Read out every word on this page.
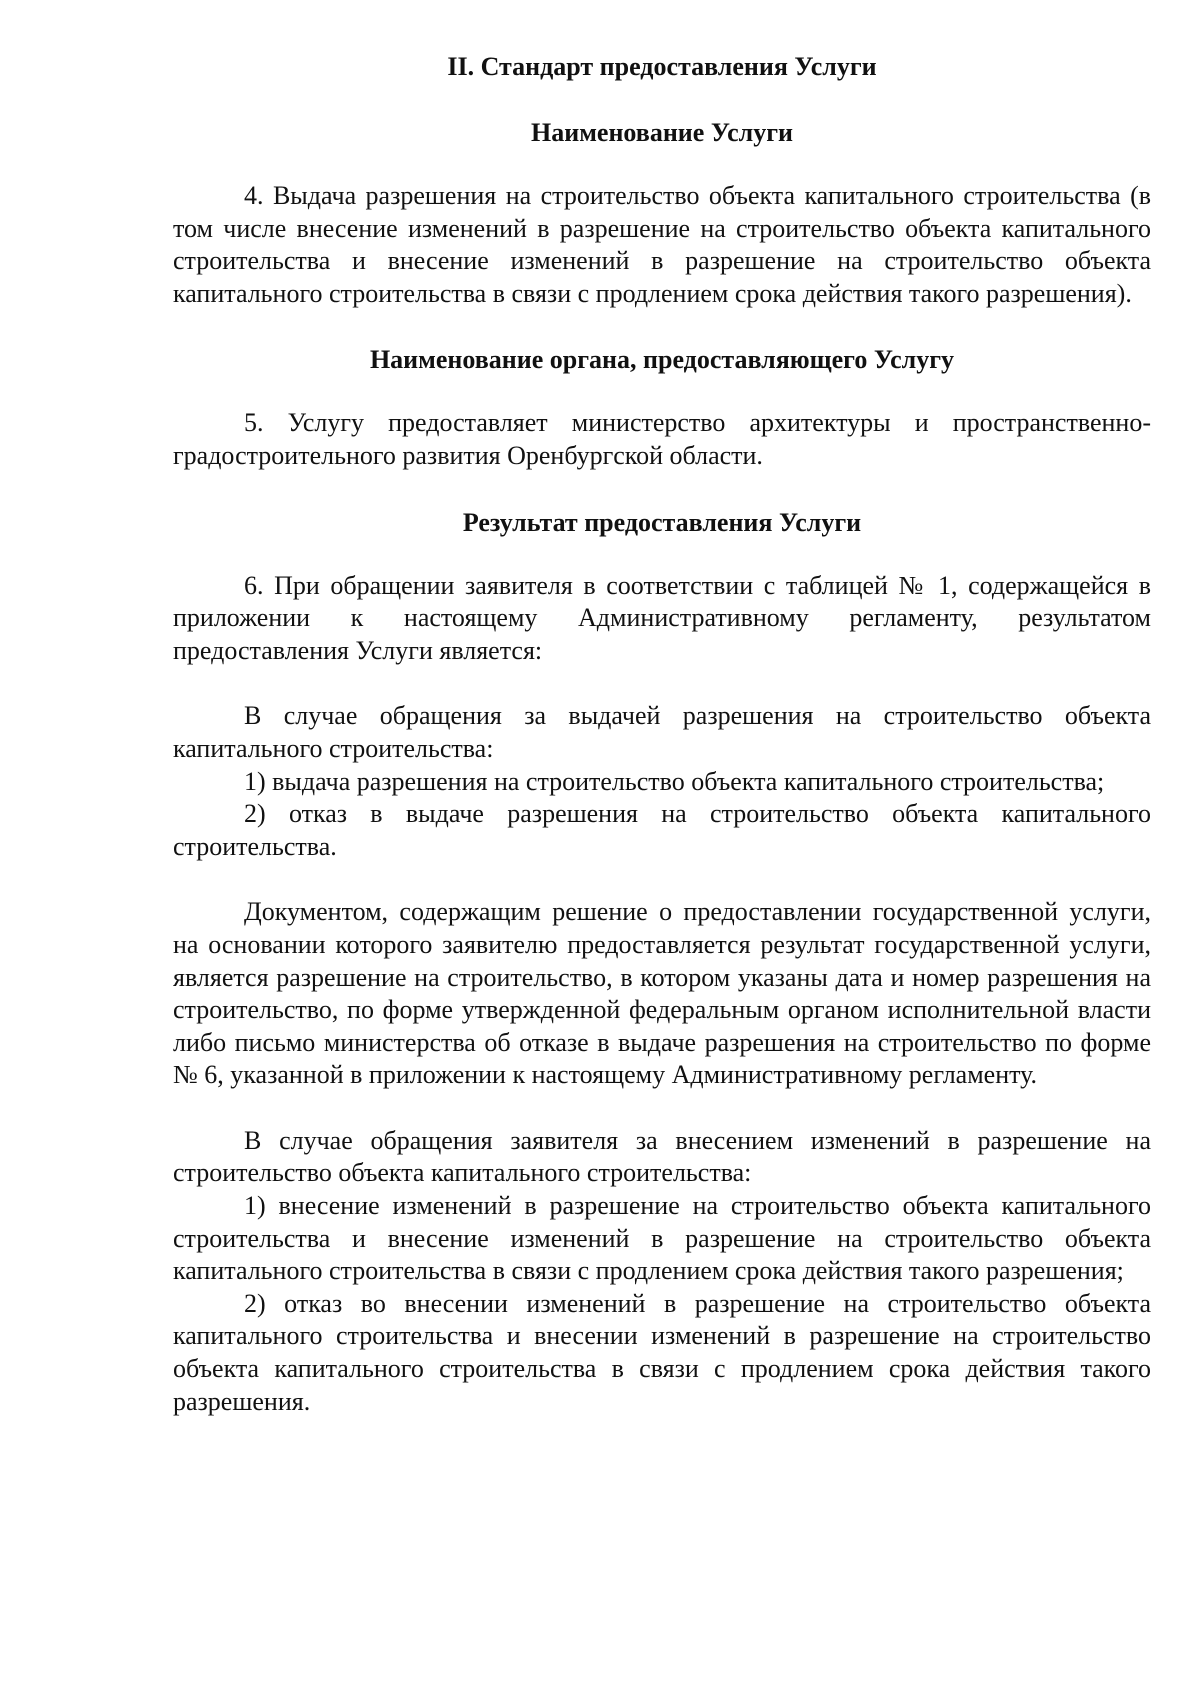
II. Стандарт предоставления Услуги
Наименование Услуги

4. Выдача разрешения на строительство объекта капитального строительства (в том числе внесение изменений в разрешение на строительство объекта капитального строительства и внесение изменений в разрешение на строительство объекта капитального строительства в связи с продлением срока действия такого разрешения).

Наименование органа, предоставляющего Услугу

5. Услугу предоставляет министерство архитектуры и пространственно-градостроительного развития Оренбургской области.

Результат предоставления Услуги

6. При обращении заявителя в соответствии с таблицей № 1, содержащейся в приложении к настоящему Административному регламенту, результатом предоставления Услуги является:

В случае обращения за выдачей разрешения на строительство объекта капитального строительства:

1) выдача разрешения на строительство объекта капитального строительства;

2) отказ в выдаче разрешения на строительство объекта капитального строительства.

Документом, содержащим решение о предоставлении государственной услуги, на основании которого заявителю предоставляется результат государственной услуги, является разрешение на строительство, в котором указаны дата и номер разрешения на строительство, по форме утвержденной федеральным органом исполнительной власти либо письмо министерства об отказе в выдаче разрешения на строительство по форме № 6, указанной в приложении к настоящему Административному регламенту.

В случае обращения заявителя за внесением изменений в разрешение на строительство объекта капитального строительства:

1) внесение изменений в разрешение на строительство объекта капитального строительства и внесение изменений в разрешение на строительство объекта капитального строительства в связи с продлением срока действия такого разрешения;

2) отказ во внесении изменений в разрешение на строительство объекта капитального строительства и внесении изменений в разрешение на строительство объекта капитального строительства в связи с продлением срока действия такого разрешения.
